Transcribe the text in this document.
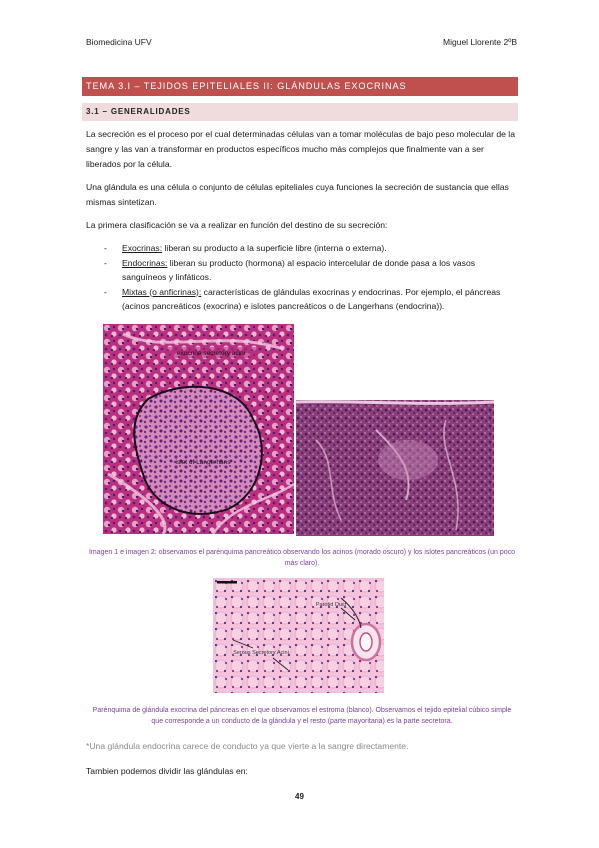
Biomedicina UFV	Miguel Llorente 2ºB
TEMA 3.I – TEJIDOS EPITELIALES II: GLÁNDULAS EXOCRINAS
3.1 – GENERALIDADES
La secreción es el proceso por el cual determinadas células van a tomar moléculas de bajo peso molecular de la sangre y las van a transformar en productos específicos mucho más complejos que finalmente van a ser liberados por la célula.
Una glándula es una célula o conjunto de células epiteliales cuya funciones la secreción de sustancia que ellas mismas sintetizan.
La primera clasificación se va a realizar en función del destino de su secreción:
- Exocrinas: liberan su producto a la superficie libre (interna o externa).
- Endocrinas: liberan su producto (hormona) al espacio intercelular de donde pasa a los vasos sanguíneos y linfáticos.
- Mixtas (o anficrinas): características de glándulas exocrinas y endocrinas. Por ejemplo, el páncreas (acinos pancreáticos (exocrina) e islotes pancreáticos o de Langerhans (endocrina)).
exocrine secretory acini
islet of Langerhans
Imagen 1 e imagen 2: observamos el parénquima pancreático observando los acinos (morado oscuro) y los islotes pancreáticos (un poco más claro).
Parotid Duct
Serous Secretory Acini
Parénquima de glándula exocrina del páncreas en el que observamos el estroma (blanco). Observamos el tejido epitelial cúbico simple que corresponde a un conducto de la glándula y el resto (parte mayoritaria) es la parte secretora.
*Una glándula endocrina carece de conducto ya que vierte a la sangre directamente.
Tambien podemos dividir las glándulas en:
49
